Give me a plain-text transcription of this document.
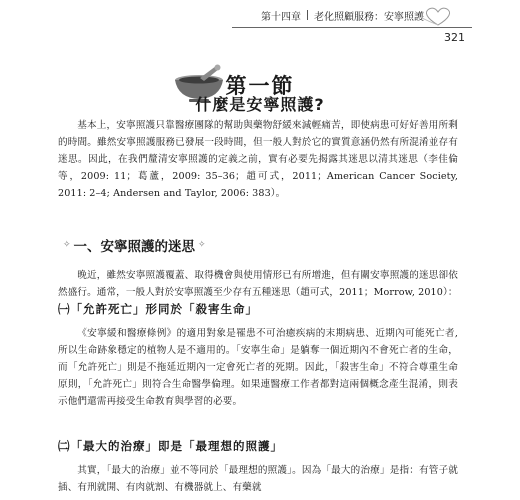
第十四章 老化照顧服務：安寧照護
321
第一節
什麼是安寧照護?

基本上，安寧照護只靠醫療團隊的幫助與藥物舒緩來減輕痛苦，即使病患可好好善用所剩的時間。雖然安寧照護服務已發展一段時間，但一般人對於它的實質意涵仍然有所混淆並存有迷思。因此，在我們釐清安寧照護的定義之前，實有必要先揭露其迷思以清其迷思（李佳倫等，2009: 11；葛蘆，2009: 35–36；趙可式，2011；American Cancer Society, 2011: 2–4; Andersen and Taylor, 2006: 383）。

✧ 一、安寧照護的迷思 ✧

晚近，雖然安寧照護覆蓋、取得機會與使用情形已有所增進，但有關安寧照護的迷思卻依然盛行。通常，一般人對於安寧照護至少存有五種迷思（趙可式，2011；Morrow, 2010）：

㈠「允許死亡」形同於「殺害生命」

《安寧緩和醫療條例》的適用對象是罹患不可治癒疾病的末期病患、近期內可能死亡者,所以生命跡象穩定的植物人是不適用的。「安寧生命」是躺奪一個近期內不會死亡者的生命，而「允許死亡」則是不拖延近期內一定會死亡者的死期。因此，「殺害生命」不符合尊重生命原則，「允許死亡」則符合生命醫學倫理。如果連醫療工作者都對這兩個概念產生混淆，則表示他們還需再接受生命教育與學習的必要。

㈡「最大的治療」即是「最理想的照護」

其實，「最大的治療」並不等同於「最理想的照護」。因為「最大的治療」是指：有管子就插、有刑就開、有肉就割、有機器就上、有藥就
